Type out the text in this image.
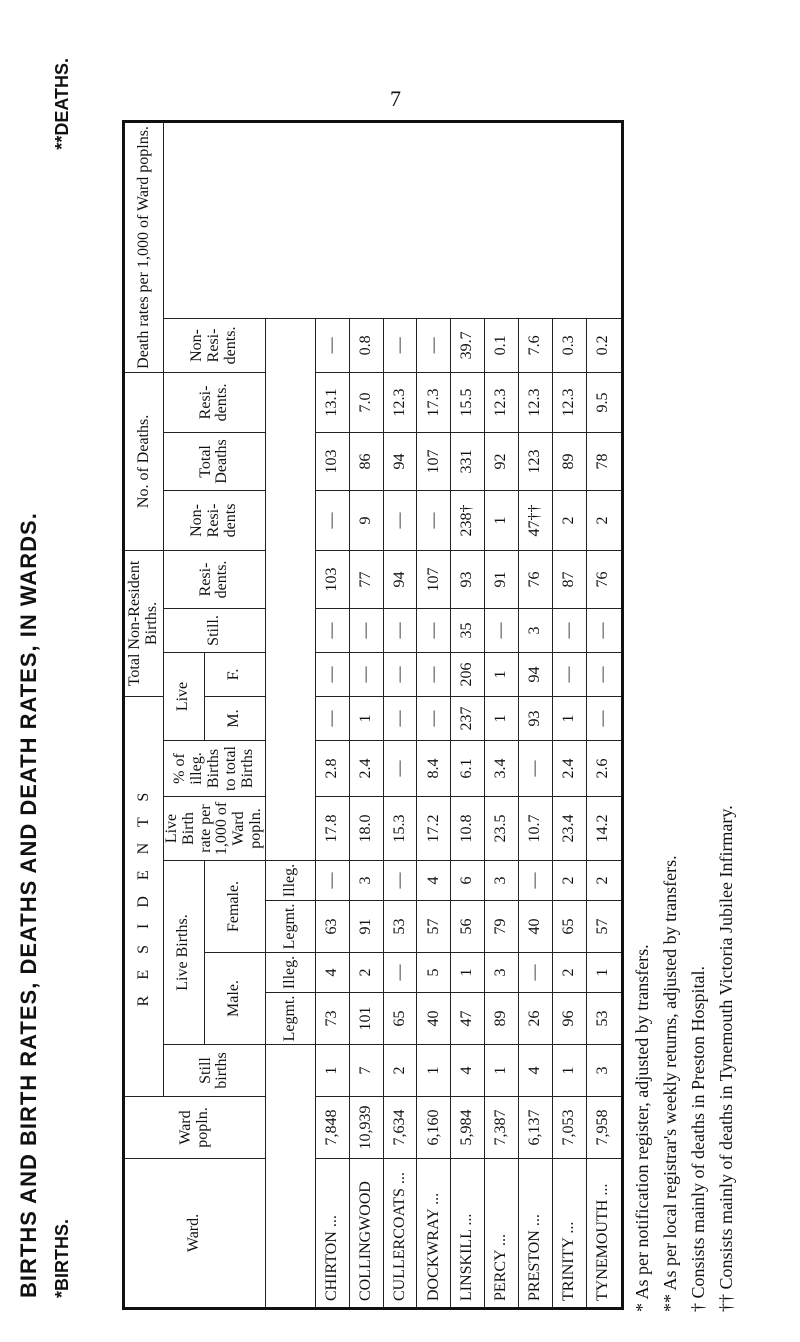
7
BIRTHS AND BIRTH RATES, DEATHS AND DEATH RATES, IN WARDS. *BIRTHS.
**DEATHS.
Ward.	Ward popln.	R E S I D E N T S								Total Non-Resident Births.			No. of Deaths.			Death rates per 1,000 of Ward poplns.
		Still births	Live Births.				Live Birth rate per 1,000 of Ward popln.	% of illeg. Births to total Births	Live		Still.	Resi-dents.	Non-Resi-dents	Total Deaths	Resi-dents.	Non-Resi-dents.
			Male.		Female.				M.	F.						
			Legmt.	Illeg.	Legmt.	Illeg.										
CHIRTON ...	7,848	1	73	4	63	—	17.8	2.8	—	—	—	103	—	103	13.1	—
COLLINGWOOD	10,939	7	101	2	91	3	18.0	2.4	1	—	—	77	9	86	7.0	0.8
CULLERCOATS ...	7,634	2	65	—	53	—	15.3	—	—	—	—	94	—	94	12.3	—
DOCKWRAY ...	6,160	1	40	5	57	4	17.2	8.4	—	—	—	107	—	107	17.3	—
LINSKILL ...	5,984	4	47	1	56	6	10.8	6.1	237	206	35	93	238†	331	15.5	39.7
PERCY ...	7,387	1	89	3	79	3	23.5	3.4	1	1	—	91	1	92	12.3	0.1
PRESTON ...	6,137	4	26	—	40	—	10.7	—	93	94	3	76	47††	123	12.3	7.6
TRINITY ...	7,053	1	96	2	65	2	23.4	2.4	1	—	—	87	2	89	12.3	0.3
TYNEMOUTH ...	7,958	3	53	1	57	2	14.2	2.6	—	—	—	76	2	78	9.5	0.2
* As per notification register, adjusted by transfers. ** As per local registrar's weekly returns, adjusted by transfers. † Consists mainly of deaths in Preston Hospital. †† Consists mainly of deaths in Tynemouth Victoria Jubilee Infirmary.
